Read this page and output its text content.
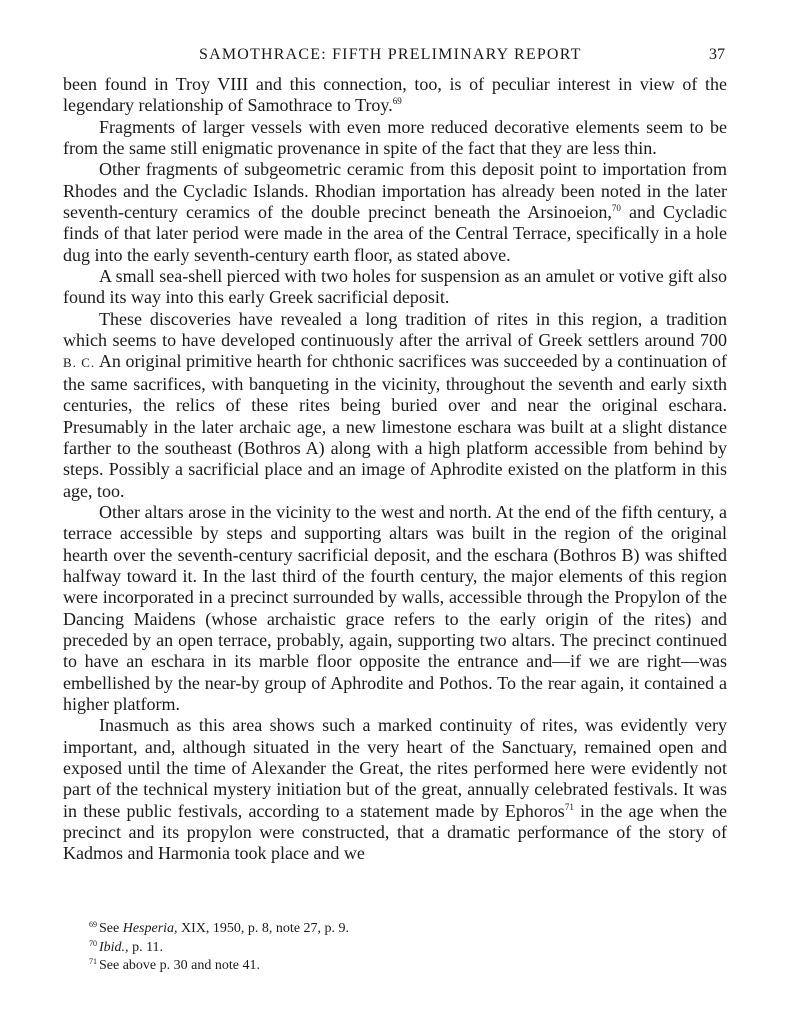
SAMOTHRACE: FIFTH PRELIMINARY REPORT	37

been found in Troy VIII and this connection, too, is of peculiar interest in view of the legendary relationship of Samothrace to Troy.$^{69}$

Fragments of larger vessels with even more reduced decorative elements seem to be from the same still enigmatic provenance in spite of the fact that they are less thin.

Other fragments of subgeometric ceramic from this deposit point to importation from Rhodes and the Cycladic Islands. Rhodian importation has already been noted in the later seventh-century ceramics of the double precinct beneath the Arsinoeion,$^{70}$ and Cycladic finds of that later period were made in the area of the Central Terrace, specifically in a hole dug into the early seventh-century earth floor, as stated above.

A small sea-shell pierced with two holes for suspension as an amulet or votive gift also found its way into this early Greek sacrificial deposit.

These discoveries have revealed a long tradition of rites in this region, a tradition which seems to have developed continuously after the arrival of Greek settlers around 700 B. C. An original primitive hearth for chthonic sacrifices was succeeded by a continuation of the same sacrifices, with banqueting in the vicinity, throughout the seventh and early sixth centuries, the relics of these rites being buried over and near the original eschara. Presumably in the later archaic age, a new limestone eschara was built at a slight distance farther to the southeast (Bothros A) along with a high platform accessible from behind by steps. Possibly a sacrificial place and an image of Aphrodite existed on the platform in this age, too.

Other altars arose in the vicinity to the west and north. At the end of the fifth century, a terrace accessible by steps and supporting altars was built in the region of the original hearth over the seventh-century sacrificial deposit, and the eschara (Bothros B) was shifted halfway toward it. In the last third of the fourth century, the major elements of this region were incorporated in a precinct surrounded by walls, accessible through the Propylon of the Dancing Maidens (whose archaistic grace refers to the early origin of the rites) and preceded by an open terrace, probably, again, supporting two altars. The precinct continued to have an eschara in its marble floor opposite the entrance and—if we are right—was embellished by the near-by group of Aphrodite and Pothos. To the rear again, it contained a higher platform.

Inasmuch as this area shows such a marked continuity of rites, was evidently very important, and, although situated in the very heart of the Sanctuary, remained open and exposed until the time of Alexander the Great, the rites performed here were evidently not part of the technical mystery initiation but of the great, annually celebrated festivals. It was in these public festivals, according to a statement made by Ephoros$^{71}$ in the age when the precinct and its propylon were constructed, that a dramatic performance of the story of Kadmos and Harmonia took place and we

$^{69}$ See Hesperia, XIX, 1950, p. 8, note 27, p. 9.
$^{70}$ Ibid., p. 11.
$^{71}$ See above p. 30 and note 41.
